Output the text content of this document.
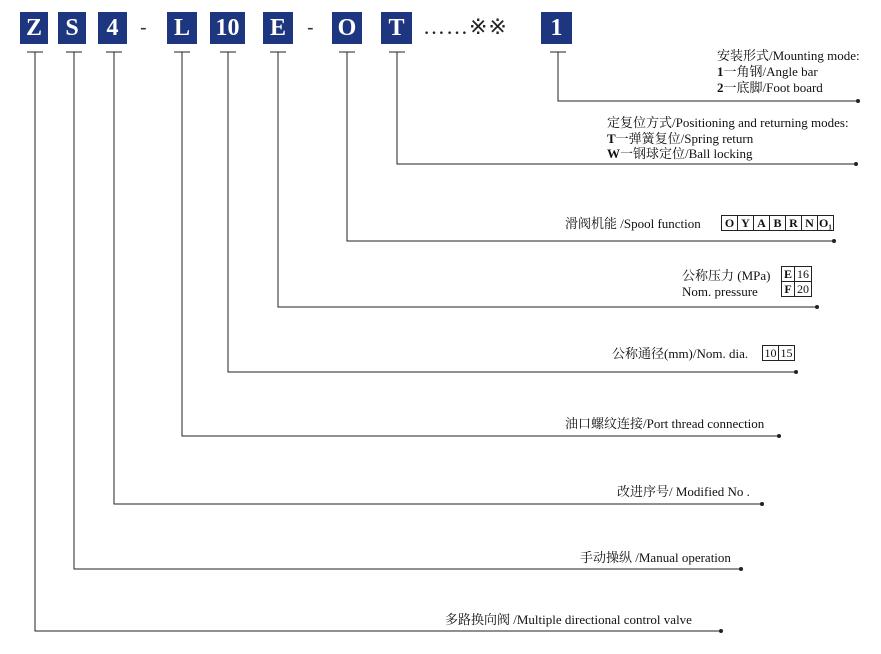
Z S	4	- L 10 E	- O	T ……※※	1
安装形式/Mounting mode:
1一角钢/Angle bar
2一底脚/Foot board
定复位方式/Positioning and returning modes:
T一弹簧复位/Spring return
W一钢球定位/Ball locking
滑阀机能 /Spool function	O Y A B R N O₁
公称压力 (MPa)
Nom. pressure
E	16
F	20
公称通径(mm)/Nom. dia. 10 15
油口螺纹连接/Port thread connection
改进序号/ Modified No .
手动操纵 /Manual operation
多路换向阀 /Multiple directional control valve
